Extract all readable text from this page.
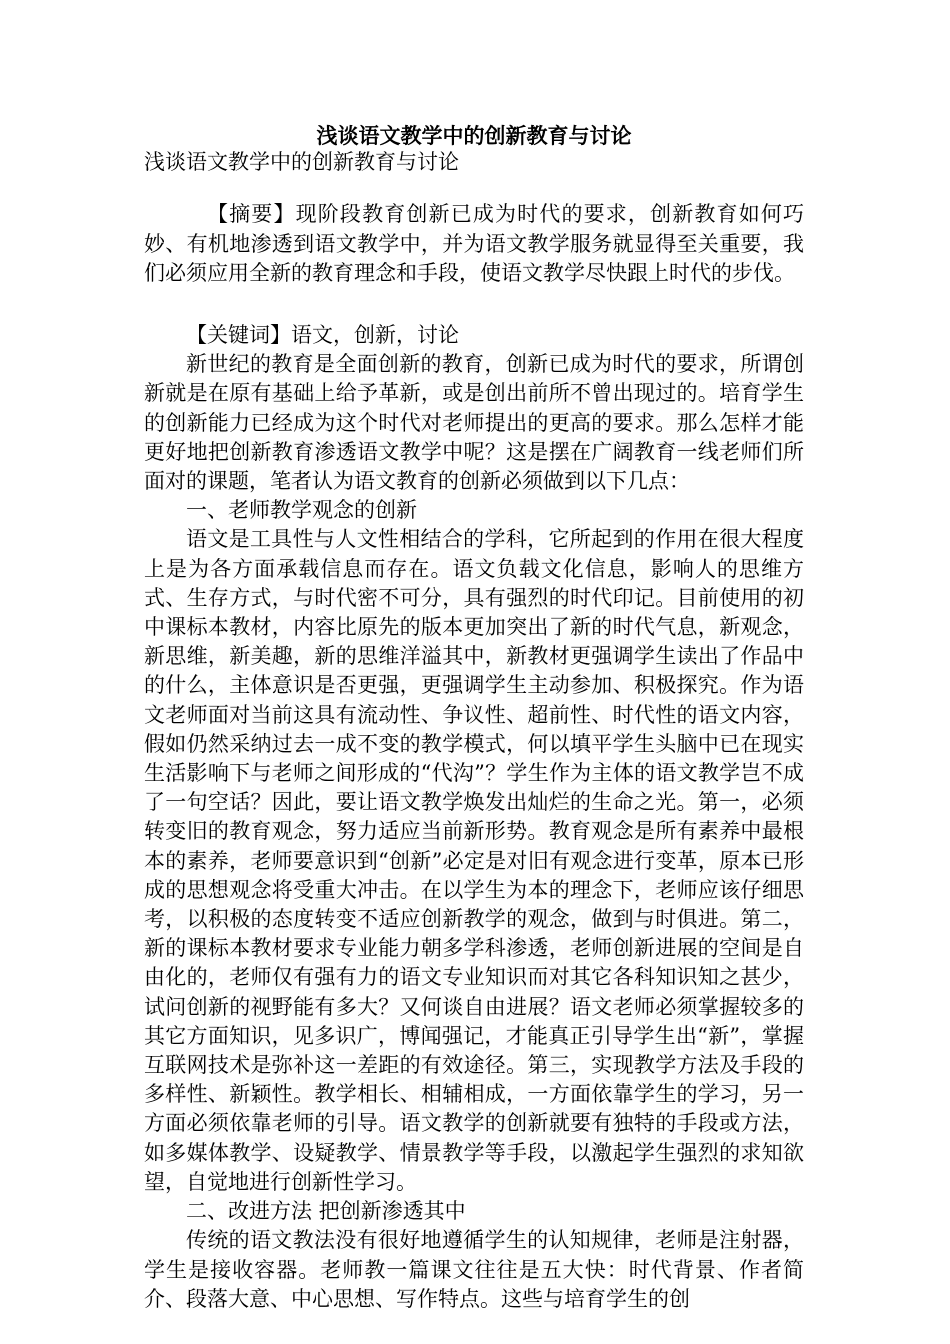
浅谈语文教学中的创新教育与讨论
浅谈语文教学中的创新教育与讨论

【摘要】现阶段教育创新已成为时代的要求，创新教育如何巧妙、有机地渗透到语文教学中，并为语文教学服务就显得至关重要，我们必须应用全新的教育理念和手段，使语文教学尽快跟上时代的步伐。

【关键词】语文，创新，讨论

新世纪的教育是全面创新的教育，创新已成为时代的要求，所谓创新就是在原有基础上给予革新，或是创出前所不曾出现过的。培育学生的创新能力已经成为这个时代对老师提出的更高的要求。那么怎样才能更好地把创新教育渗透语文教学中呢？这是摆在广阔教育一线老师们所面对的课题，笔者认为语文教育的创新必须做到以下几点：

一、老师教学观念的创新

语文是工具性与人文性相结合的学科，它所起到的作用在很大程度上是为各方面承载信息而存在。语文负载文化信息，影响人的思维方式、生存方式，与时代密不可分，具有强烈的时代印记。目前使用的初中课标本教材，内容比原先的版本更加突出了新的时代气息，新观念，新思维，新美趣，新的思维洋溢其中，新教材更强调学生读出了作品中的什么，主体意识是否更强，更强调学生主动参加、积极探究。作为语文老师面对当前这具有流动性、争议性、超前性、时代性的语文内容，假如仍然采纳过去一成不变的教学模式，何以填平学生头脑中已在现实生活影响下与老师之间形成的“代沟”？学生作为主体的语文教学岂不成了一句空话？因此，要让语文教学焕发出灿烂的生命之光。第一，必须转变旧的教育观念，努力适应当前新形势。教育观念是所有素养中最根本的素养，老师要意识到“创新”必定是对旧有观念进行变革，原本已形成的思想观念将受重大冲击。在以学生为本的理念下，老师应该仔细思考，以积极的态度转变不适应创新教学的观念，做到与时俱进。第二，新的课标本教材要求专业能力朝多学科渗透，老师创新进展的空间是自由化的，老师仅有强有力的语文专业知识而对其它各科知识知之甚少，试问创新的视野能有多大？又何谈自由进展？语文老师必须掌握较多的其它方面知识，见多识广，博闻强记，才能真正引导学生出“新”，掌握互联网技术是弥补这一差距的有效途径。第三，实现教学方法及手段的多样性、新颖性。教学相长、相辅相成，一方面依靠学生的学习，另一方面必须依靠老师的引导。语文教学的创新就要有独特的手段或方法，如多媒体教学、设疑教学、情景教学等手段，以激起学生强烈的求知欲望，自觉地进行创新性学习。

二、改进方法 把创新渗透其中

传统的语文教法没有很好地遵循学生的认知规律，老师是注射器，学生是接收容器。老师教一篇课文往往是五大快：时代背景、作者简介、段落大意、中心思想、写作特点。这些与培育学生的创
